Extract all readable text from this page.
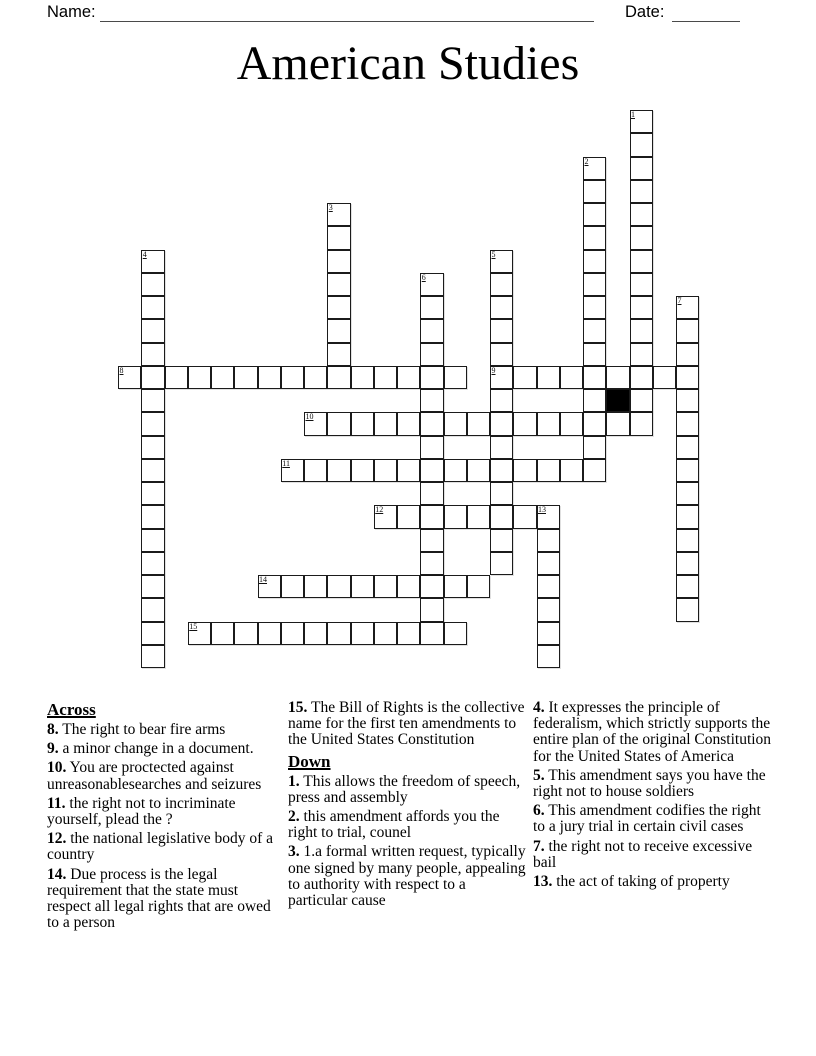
Name:	Date:
American Studies
1
2
3
4	5
6
7
8	9
10
11
12	13
14
15
Across

8. The right to bear fire arms

9. a minor change in a document.

10. You are proctected against unreasonablesearches and seizures

11. the right not to incriminate yourself, plead the ?

12. the national legislative body of a country

14. Due process is the legal requirement that the state must respect all legal rights that are owed to a person

15. The Bill of Rights is the collective name for the first ten amendments to the United States Constitution

Down

1. This allows the freedom of speech, press and assembly

2. this amendment affords you the right to trial, counel

3. 1.a formal written request, typically one signed by many people, appealing to authority with respect to a particular cause

4. It expresses the principle of federalism, which strictly supports the entire plan of the original Constitution for the United States of America

5. This amendment says you have the right not to house soldiers

6. This amendment codifies the right to a jury trial in certain civil cases

7. the right not to receive excessive bail

13. the act of taking of property
